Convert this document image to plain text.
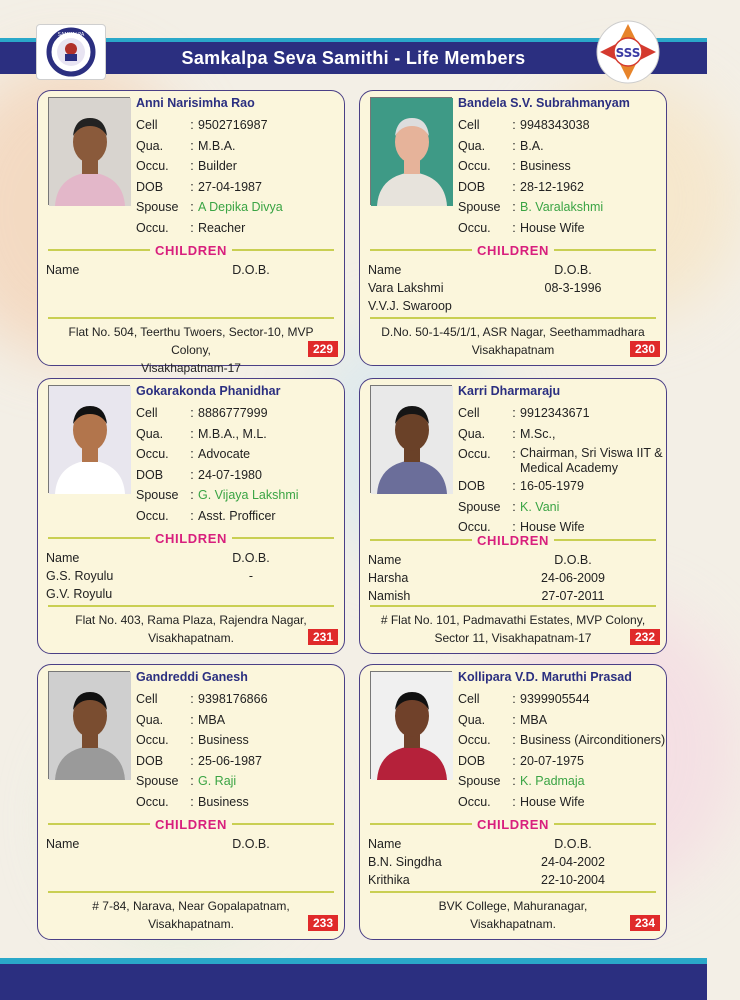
Samkalpa Seva Samithi - Life Members
SAMKALPA
SSS
Anni Narisimha Rao
Cell	: 9502716987
Qua.	: M.B.A.
Occu.	: Builder
DOB	: 27-04-1987
Spouse : A Depika Divya
Occu.	: Reacher
CHILDREN
Name	D.O.B.
Flat No. 504, Teerthu Twoers, Sector-10, MVP Colony,
Visakhapatnam-17
229
Bandela S.V. Subrahmanyam
Cell	: 9948343038
Qua.	: B.A.
Occu.	: Business
DOB	: 28-12-1962
Spouse : B. Varalakshmi
Occu.	: House Wife
CHILDREN
Name	D.O.B.
Vara Lakshmi	08-3-1996
V.V.J. Swaroop
D.No. 50-1-45/1/1, ASR Nagar, Seethammadhara
Visakhapatnam	230
Gokarakonda Phanidhar
Cell	: 8886777999
Qua.	: M.B.A., M.L.
Occu.	: Advocate
DOB	: 24-07-1980
Spouse : G. Vijaya Lakshmi
Occu.	: Asst. Profficer
CHILDREN
Name	D.O.B.
G.S. Royulu	-
G.V. Royulu
Flat No. 403, Rama Plaza, Rajendra Nagar,
Visakhapatnam.	231
Karri Dharmaraju
Cell	: 9912343671
Qua.	: M.Sc.,
Occu.	: Chairman, Sri Viswa IIT & Medical Academy
DOB	: 16-05-1979
Spouse : K. Vani
Occu.	: House Wife
CHILDREN
Name	D.O.B.
Harsha	24-06-2009
Namish	27-07-2011
# Flat No. 101, Padmavathi Estates, MVP Colony,
Sector 11, Visakhapatnam-17	232
Gandreddi Ganesh
Cell	: 9398176866
Qua.	: MBA
Occu.	: Business
DOB	: 25-06-1987
Spouse : G. Raji
Occu.	: Business
CHILDREN
Name	D.O.B.
# 7-84, Narava, Near Gopalapatnam,
Visakhapatnam.	233
Kollipara V.D. Maruthi Prasad
Cell	: 9399905544
Qua.	: MBA
Occu.	: Business (Airconditioners)
DOB	: 20-07-1975
Spouse : K. Padmaja
Occu.	: House Wife
CHILDREN
Name	D.O.B.
B.N. Singdha	24-04-2002
Krithika	22-10-2004
BVK College, Mahuranagar,
Visakhapatnam.	234
